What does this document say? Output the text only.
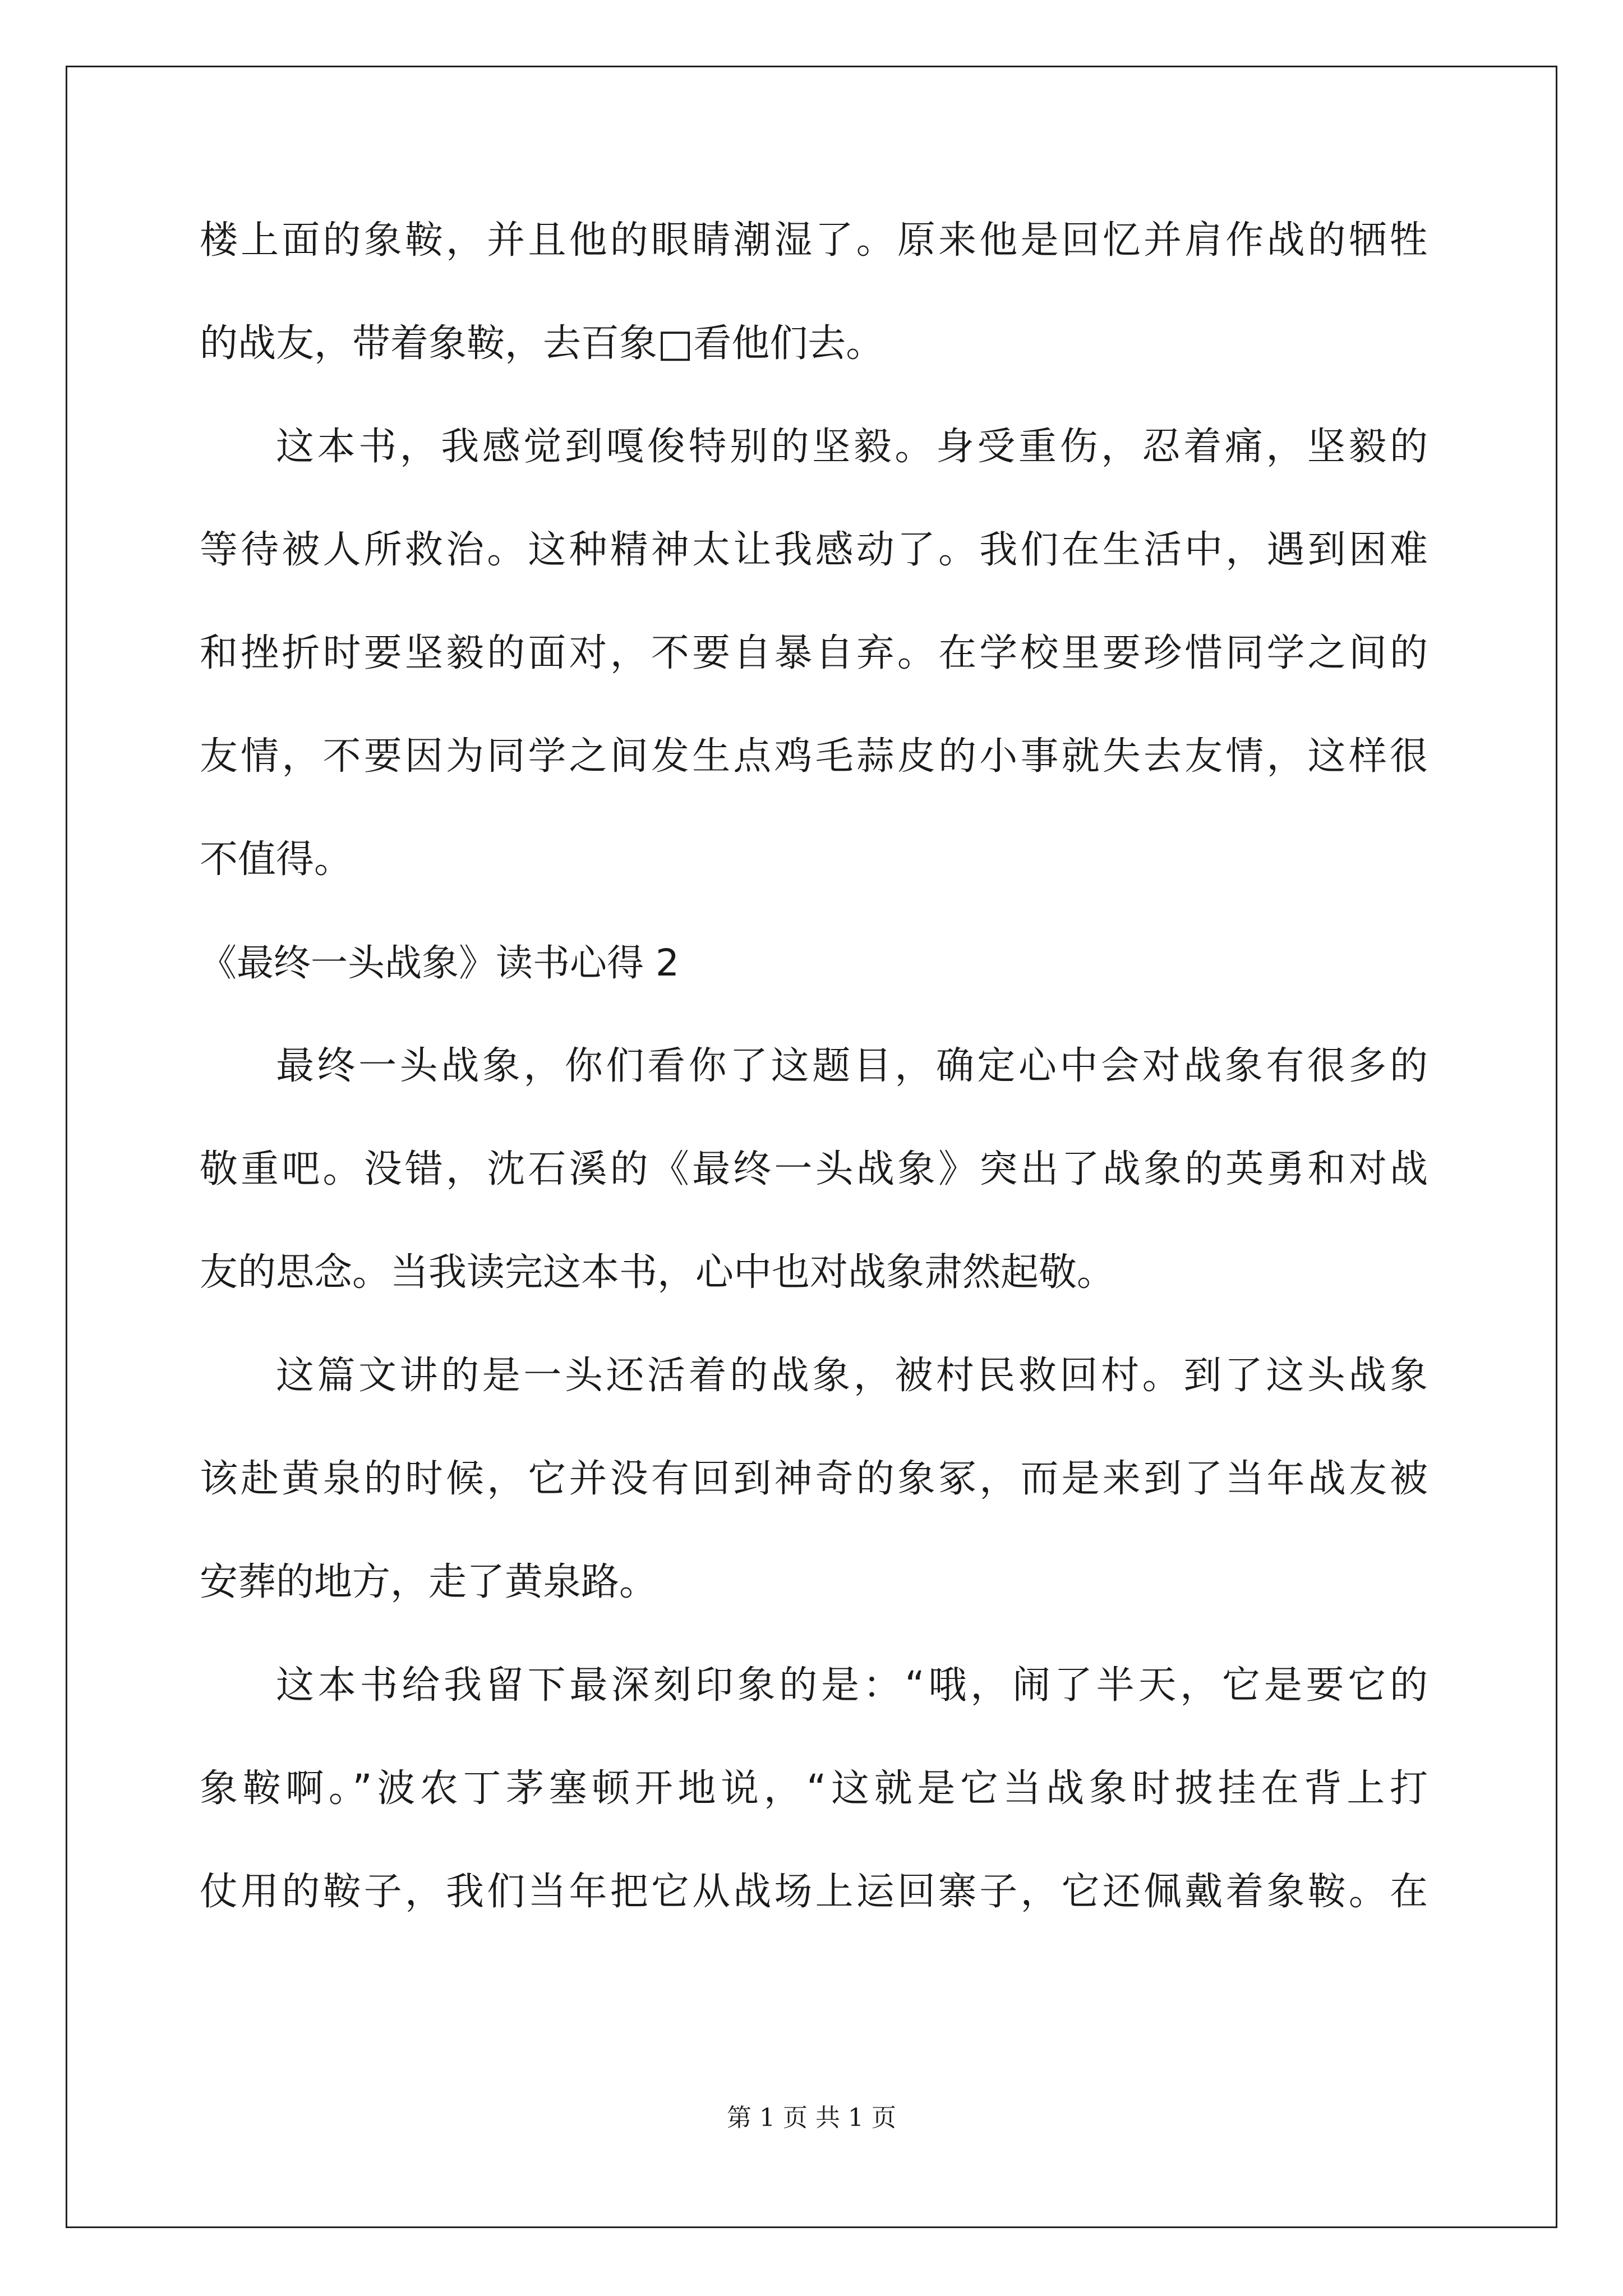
楼上面的象鞍，并且他的眼睛潮湿了。原来他是回忆并肩作战的牺牲
的战友，带着象鞍，去百象□看他们去。
这本书，我感觉到嘎俊特别的坚毅。身受重伤，忍着痛，坚毅的
等待被人所救治。这种精神太让我感动了。我们在生活中，遇到困难
和挫折时要坚毅的面对，不要自暴自弃。在学校里要珍惜同学之间的
友情，不要因为同学之间发生点鸡毛蒜皮的小事就失去友情，这样很
不值得。
《最终一头战象》读书心得 2
最终一头战象，你们看你了这题目，确定心中会对战象有很多的
敬重吧。没错，沈石溪的《最终一头战象》突出了战象的英勇和对战
友的思念。当我读完这本书，心中也对战象肃然起敬。
这篇文讲的是一头还活着的战象，被村民救回村。到了这头战象
该赴黄泉的时候，它并没有回到神奇的象冢，而是来到了当年战友被
安葬的地方，走了黄泉路。
这本书给我留下最深刻印象的是：“哦，闹了半天，它是要它的
象鞍啊。”波农丁茅塞顿开地说，“这就是它当战象时披挂在背上打
仗用的鞍子，我们当年把它从战场上运回寨子，它还佩戴着象鞍。在
第 1 页 共 1 页
